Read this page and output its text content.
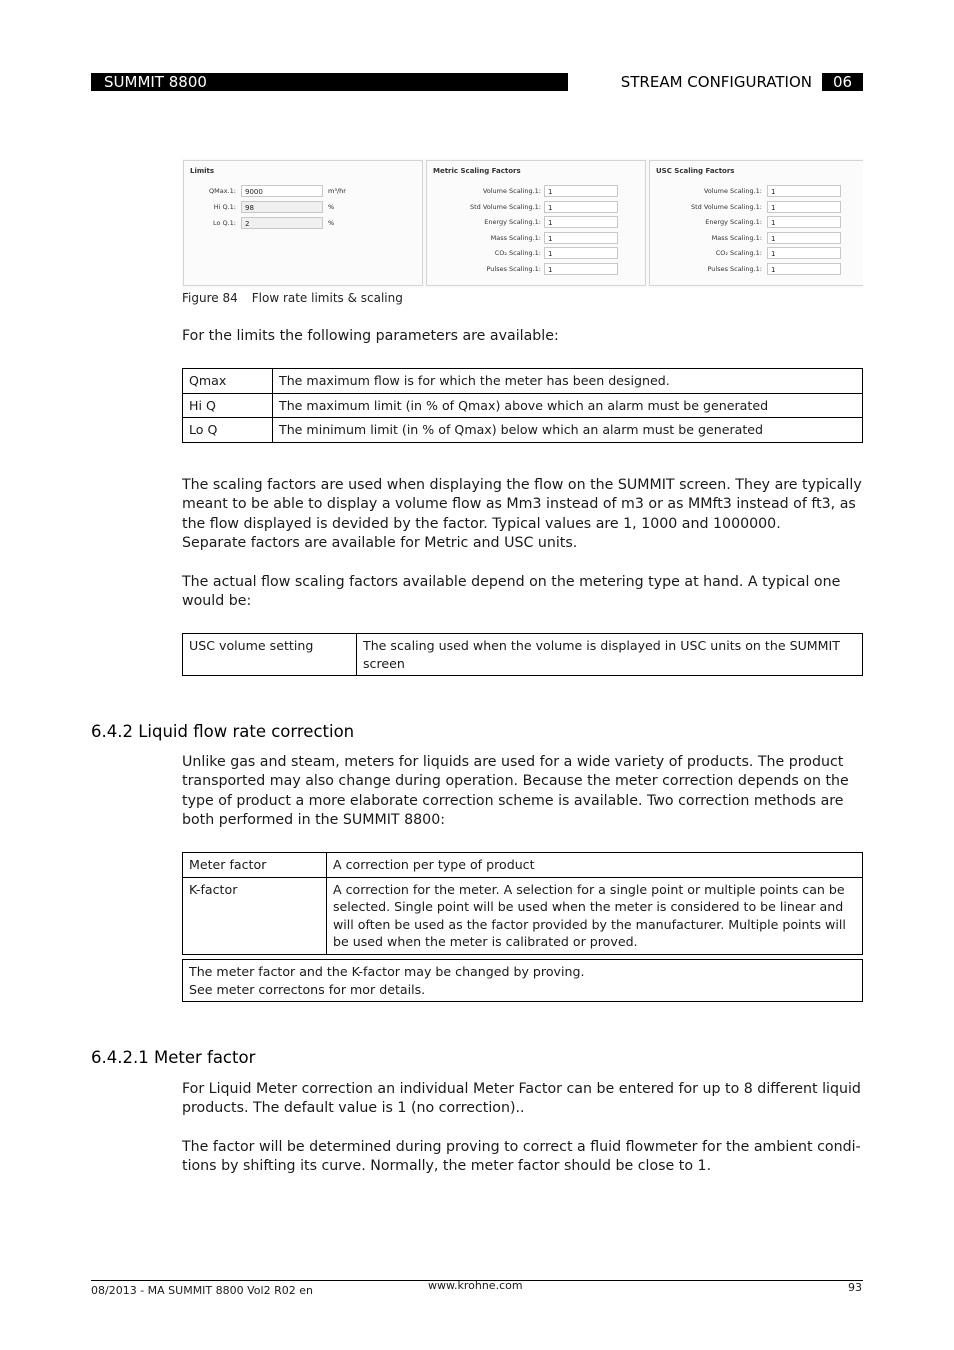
SUMMIT 8800	STREAM CONFIGURATION	06
Limits
QMax.1:	9000	m³/hr
Hi Q.1:	98	%
Lo Q.1:	2	%
Metric Scaling Factors
Volume Scaling.1:	1
Std Volume Scaling.1:	1
Energy Scaling.1:	1
Mass Scaling.1:	1
CO₂ Scaling.1:	1
Pulses Scaling.1:	1
USC Scaling Factors
Volume Scaling.1:	1
Std Volume Scaling.1:	1
Energy Scaling.1:	1
Mass Scaling.1:	1
CO₂ Scaling.1:	1
Pulses Scaling.1:	1
Figure 84 Flow rate limits & scaling
For the limits the following parameters are available:
Qmax	The maximum flow is for which the meter has been designed.
Hi Q	The maximum limit (in % of Qmax) above which an alarm must be generated
Lo Q	The minimum limit (in % of Qmax) below which an alarm must be generated
The scaling factors are used when displaying the flow on the SUMMIT screen. They are typically meant to be able to display a volume flow as Mm3 instead of m3 or as MMft3 instead of ft3, as the flow displayed is devided by the factor. Typical values are 1, 1000 and 1000000.
Separate factors are available for Metric and USC units.
The actual flow scaling factors available depend on the metering type at hand. A typical one would be:
USC volume setting	The scaling used when the volume is displayed in USC units on the SUMMIT screen
6.4.2 Liquid flow rate correction
Unlike gas and steam, meters for liquids are used for a wide variety of products. The product transported may also change during operation. Because the meter correction depends on the type of product a more elaborate correction scheme is available. Two correction methods are both performed in the SUMMIT 8800:
Meter factor	A correction per type of product
K-factor	A correction for the meter. A selection for a single point or multiple points can be selected. Single point will be used when the meter is considered to be linear and will often be used as the factor provided by the manufacturer. Multiple points will be used when the meter is calibrated or proved.
The meter factor and the K-factor may be changed by proving.
See meter correctons for mor details.
6.4.2.1 Meter factor
For Liquid Meter correction an individual Meter Factor can be entered for up to 8 different liquid products. The default value is 1 (no correction)..
The factor will be determined during proving to correct a fluid flowmeter for the ambient condi-tions by shifting its curve. Normally, the meter factor should be close to 1.
08/2013 - MA SUMMIT 8800 Vol2 R02 en	www.krohne.com	93
